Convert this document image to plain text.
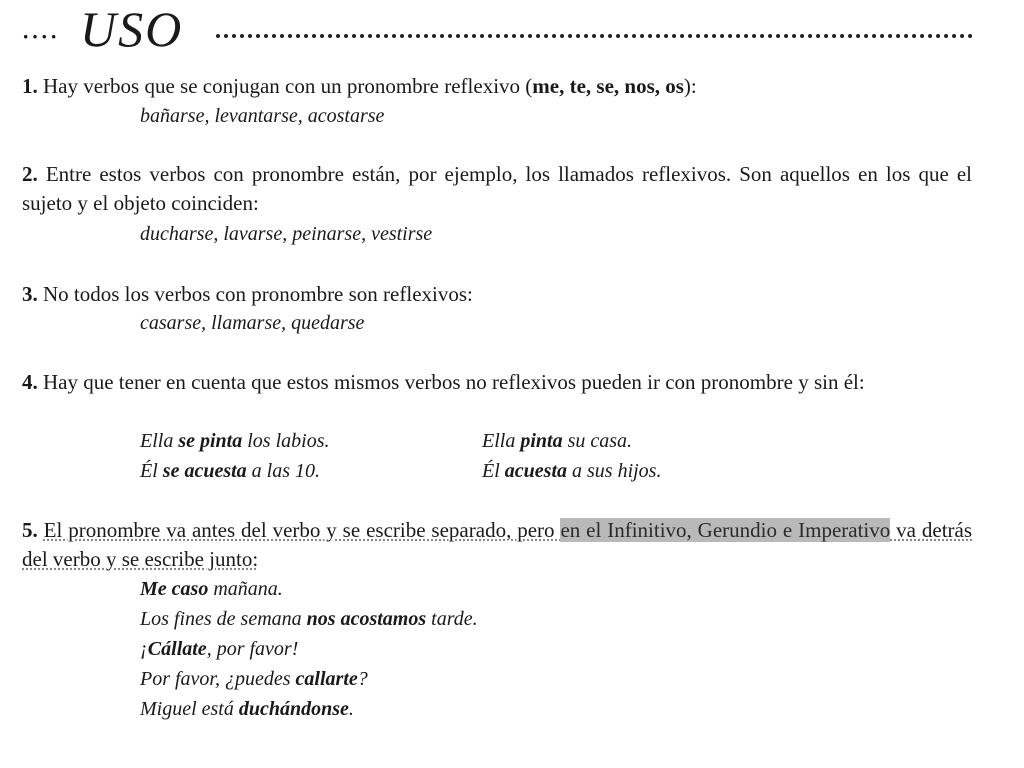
···· USO
1. Hay verbos que se conjugan con un pronombre reflexivo (me, te, se, nos, os):
bañarse, levantarse, acostarse
2. Entre estos verbos con pronombre están, por ejemplo, los llamados reflexivos. Son aquellos en los que el sujeto y el objeto coinciden:
ducharse, lavarse, peinarse, vestirse
3. No todos los verbos con pronombre son reflexivos:
casarse, llamarse, quedarse
4. Hay que tener en cuenta que estos mismos verbos no reflexivos pueden ir con pronombre y sin él:
Ella se pinta los labios.	Ella pinta su casa.
Él se acuesta a las 10.	Él acuesta a sus hijos.
5. El pronombre va antes del verbo y se escribe separado, pero en el Infinitivo, Gerundio e Imperativo va detrás del verbo y se escribe junto:
Me caso mañana.
Los fines de semana nos acostamos tarde.
¡Cállate, por favor!
Por favor, ¿puedes callarte?
Miguel está duchándonse.
